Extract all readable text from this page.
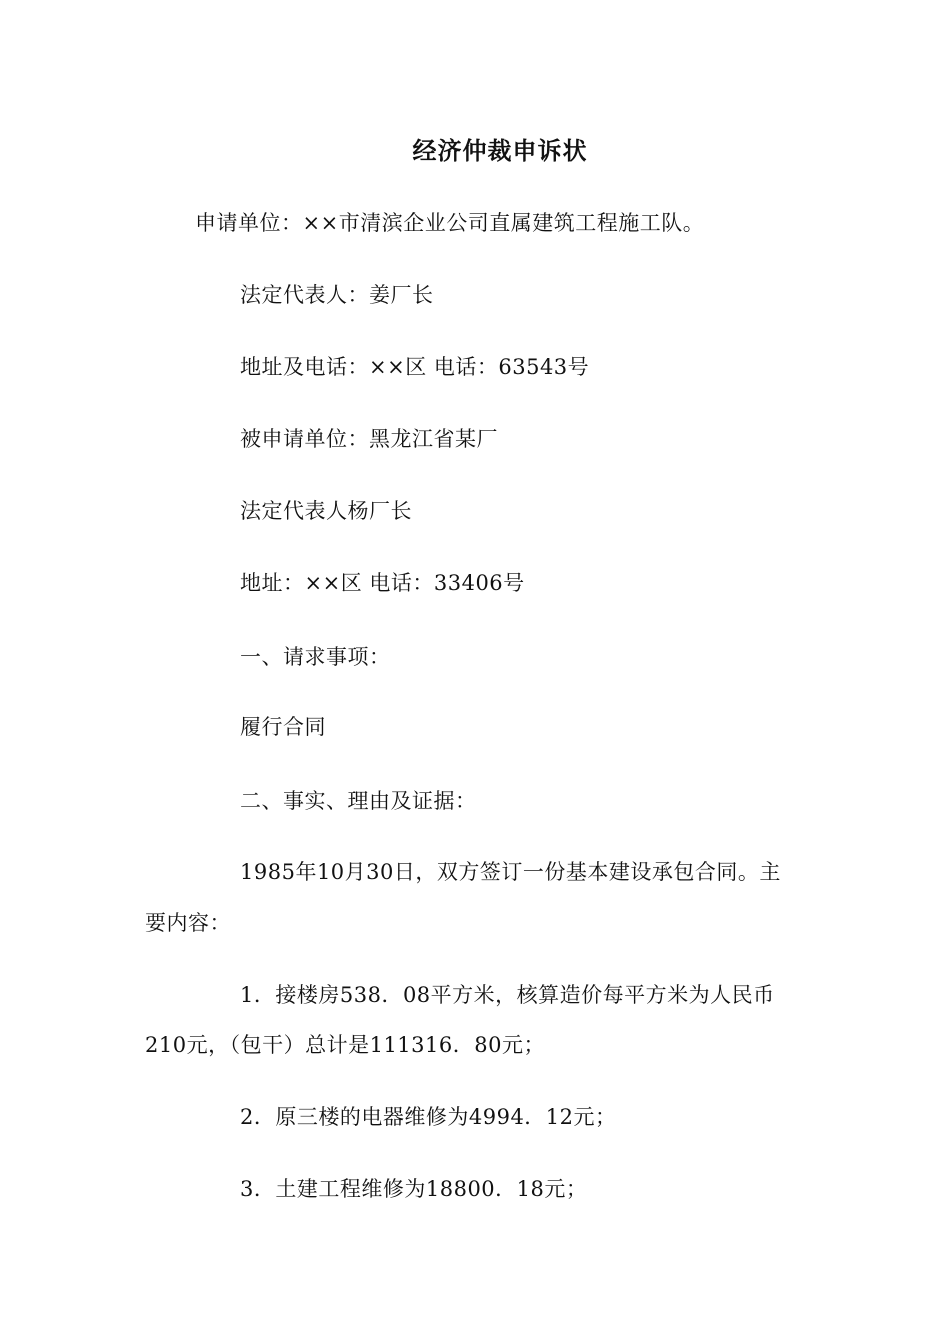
经济仲裁申诉状
申请单位：××市清滨企业公司直属建筑工程施工队。
法定代表人：姜厂长
地址及电话：××区 电话：63543号
被申请单位：黑龙江省某厂
法定代表人杨厂长
地址：××区 电话：33406号
一、请求事项：
履行合同
二、事实、理由及证据：
1985年10月30日，双方签订一份基本建设承包合同。主
要内容：
1．接楼房538．08平方米，核算造价每平方米为人民币
210元，（包干）总计是111316．80元；
2．原三楼的电器维修为4994．12元；
3．土建工程维修为18800．18元；
